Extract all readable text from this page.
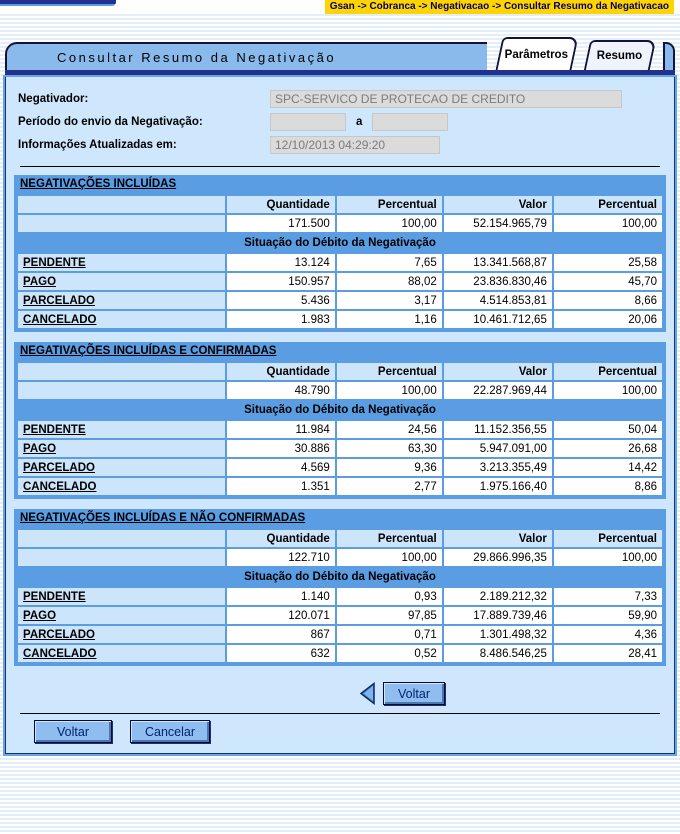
Gsan -> Cobranca -> Negativacao -> Consultar Resumo da Negativacao
Consultar Resumo da Negativação	Parâmetros Resumo
Negativador:	SPC-SERVICO DE PROTECAO DE CREDITO
Período do envio da Negativação:	a
Informações Atualizadas em:	12/10/2013 04:29:20
NEGATIVAÇÕES INCLUÍDAS
	Quantidade	Percentual	Valor	Percentual
	171.500	100,00	52.154.965,79	100,00
Situação do Débito da Negativação				
PENDENTE	13.124	7,65	13.341.568,87	25,58
PAGO	150.957	88,02	23.836.830,46	45,70
PARCELADO	5.436	3,17	4.514.853,81	8,66
CANCELADO	1.983	1,16	10.461.712,65	20,06
NEGATIVAÇÕES INCLUÍDAS E CONFIRMADAS
	Quantidade	Percentual	Valor	Percentual
	48.790	100,00	22.287.969,44	100,00
Situação do Débito da Negativação				
PENDENTE	11.984	24,56	11.152.356,55	50,04
PAGO	30.886	63,30	5.947.091,00	26,68
PARCELADO	4.569	9,36	3.213.355,49	14,42
CANCELADO	1.351	2,77	1.975.166,40	8,86
NEGATIVAÇÕES INCLUÍDAS E NÃO CONFIRMADAS
	Quantidade	Percentual	Valor	Percentual
	122.710	100,00	29.866.996,35	100,00
Situação do Débito da Negativação				
PENDENTE	1.140	0,93	2.189.212,32	7,33
PAGO	120.071	97,85	17.889.739,46	59,90
PARCELADO	867	0,71	1.301.498,32	4,36
CANCELADO	632	0,52	8.486.546,25	28,41
Voltar
Voltar	Cancelar
